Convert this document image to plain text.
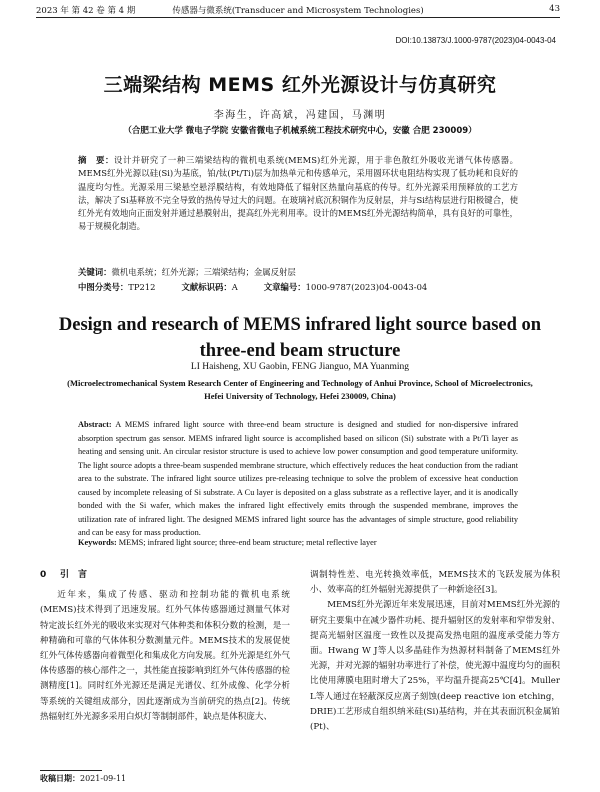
2023 年 第 42 卷 第 4 期	传感器与微系统(Transducer and Microsystem Technologies)	43
DOI:10.13873/J.1000-9787(2023)04-0043-04
三端梁结构 MEMS 红外光源设计与仿真研究
李海生，许高斌，冯建国，马渊明
（合肥工业大学 微电子学院 安徽省微电子机械系统工程技术研究中心，安徽 合肥 230009）
摘　要：设计并研究了一种三端梁结构的微机电系统(MEMS)红外光源，用于非色散红外吸收光谱气体传感器。MEMS红外光源以硅(Si)为基底，铂/钛(Pt/Ti)层为加热单元和传感单元，采用圆环状电阻结构实现了低功耗和良好的温度均匀性。光源采用三梁悬空悬浮膜结构，有效地降低了辐射区热量向基底的传导。红外光源采用预释放的工艺方法，解决了Si基释放不完全导致的热传导过大的问题。在玻璃衬底沉积铜作为反射层，并与Si结构层进行阳极键合，使红外光有效地向正面发射并通过悬膜射出，提高红外光利用率。设计的MEMS红外光源结构简单，具有良好的可靠性，易于规模化制造。
关键词：微机电系统；红外光源；三端梁结构；金属反射层
中图分类号：TP212	文献标识码：A	文章编号：1000-9787(2023)04-0043-04
Design and research of MEMS infrared light source based on three-end beam structure
LI Haisheng, XU Gaobin, FENG Jianguo, MA Yuanming
(Microelectromechanical System Research Center of Engineering and Technology of Anhui Province, School of Microelectronics, Hefei University of Technology, Hefei 230009, China)
Abstract: A MEMS infrared light source with three-end beam structure is designed and studied for non-dispersive infrared absorption spectrum gas sensor. MEMS infrared light source is accomplished based on silicon (Si) substrate with a Pt/Ti layer as heating and sensing unit. An circular resistor structure is used to achieve low power consumption and good temperature uniformity. The light source adopts a three-beam suspended membrane structure, which effectively reduces the heat conduction from the radiant area to the substrate. The infrared light source utilizes pre-releasing technique to solve the problem of excessive heat conduction caused by incomplete releasing of Si substrate. A Cu layer is deposited on a glass substrate as a reflective layer, and it is anodically bonded with the Si wafer, which makes the infrared light effectively emits through the suspended membrane, improves the utilization rate of infrared light. The designed MEMS infrared light source has the advantages of simple structure, good reliability and can be easy for mass production.
Keywords: MEMS; infrared light source; three-end beam structure; metal reflective layer
0 引　言

近年来，集成了传感、驱动和控制功能的微机电系统(MEMS)技术得到了迅速发展。红外气体传感器通过测量气体对特定波长红外光的吸收来实现对气体种类和体积分数的检测，是一种精确和可靠的气体体积分数测量元件。MEMS技术的发展促使红外气体传感器向着微型化和集成化方向发展。红外光源是红外气体传感器的核心部件之一，其性能直接影响到红外气体传感器的检测精度[1]。同时红外光源还是满足光谱仪、红外成像、化学分析等系统的关键组成部分，因此逐渐成为当前研究的热点[2]。传统热辐射红外光源多采用白炽灯等制制部件，缺点是体积庞大、

调制特性差、电光转换效率低，MEMS技术的飞跃发展为体积小、效率高的红外辐射光源提供了一种新途径[3]。

MEMS红外光源近年来发展迅速，目前对MEMS红外光源的研究主要集中在减少器件功耗、提升辐射区的发射率和窄带发射、提高光辐射区温度一致性以及提高发热电阻的温度承受能力等方面。Hwang W J等人以多晶硅作为热源材料制备了MEMS红外光源，并对光源的辐射功率进行了补偿，使光源中温度均匀的面积比使用薄膜电阻时增大了25%，平均温升提高25℃[4]。Muller L等人通过在轻蔽深反应离子刻蚀(deep reactive ion etching，DRIE)工艺形成自组织纳米硅(Si)基结构，并在其表面沉积金属铂(Pt)、

收稿日期：2021-09-11
